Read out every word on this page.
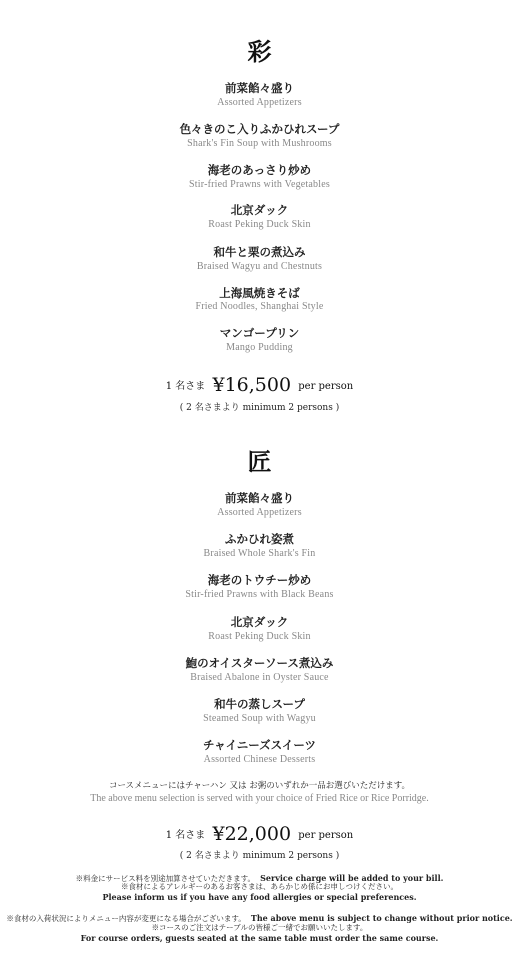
彩
前菜餡々盛り
Assorted Appetizers
色々きのこ入りふかひれスープ
Shark's Fin Soup with Mushrooms
海老のあっさり炒め
Stir-fried Prawns with Vegetables
北京ダック
Roast Peking Duck Skin
和牛と栗の煮込み
Braised Wagyu and Chestnuts
上海風焼きそば
Fried Noodles, Shanghai Style
マンゴープリン
Mango Pudding
1 名さま ¥16,500 per person
( 2 名さまより minimum 2 persons )
匠
前菜餡々盛り
Assorted Appetizers
ふかひれ姿煮
Braised Whole Shark's Fin
海老のトウチー炒め
Stir-fried Prawns with Black Beans
北京ダック
Roast Peking Duck Skin
鮑のオイスターソース煮込み
Braised Abalone in Oyster Sauce
和牛の蒸しスープ
Steamed Soup with Wagyu
チャイニーズスイーツ
Assorted Chinese Desserts
コースメニューにはチャーハン 又は お粥のいずれか一品お選びいただけます。
The above menu selection is served with your choice of Fried Rice or Rice Porridge.
1 名さま ¥22,000 per person
( 2 名さまより minimum 2 persons )
※料金にサービス料を別途加算させていただきます。 Service charge will be added to your bill.
※食材によるアレルギーのあるお客さまは、あらかじめ係にお申しつけください。
Please inform us if you have any food allergies or special preferences.
※食材の入荷状況によりメニュー内容が変更になる場合がございます。 The above menu is subject to change without prior notice.
※コースのご注文はテーブルの皆様ご一緒でお願いいたします。
For course orders, guests seated at the same table must order the same course.
